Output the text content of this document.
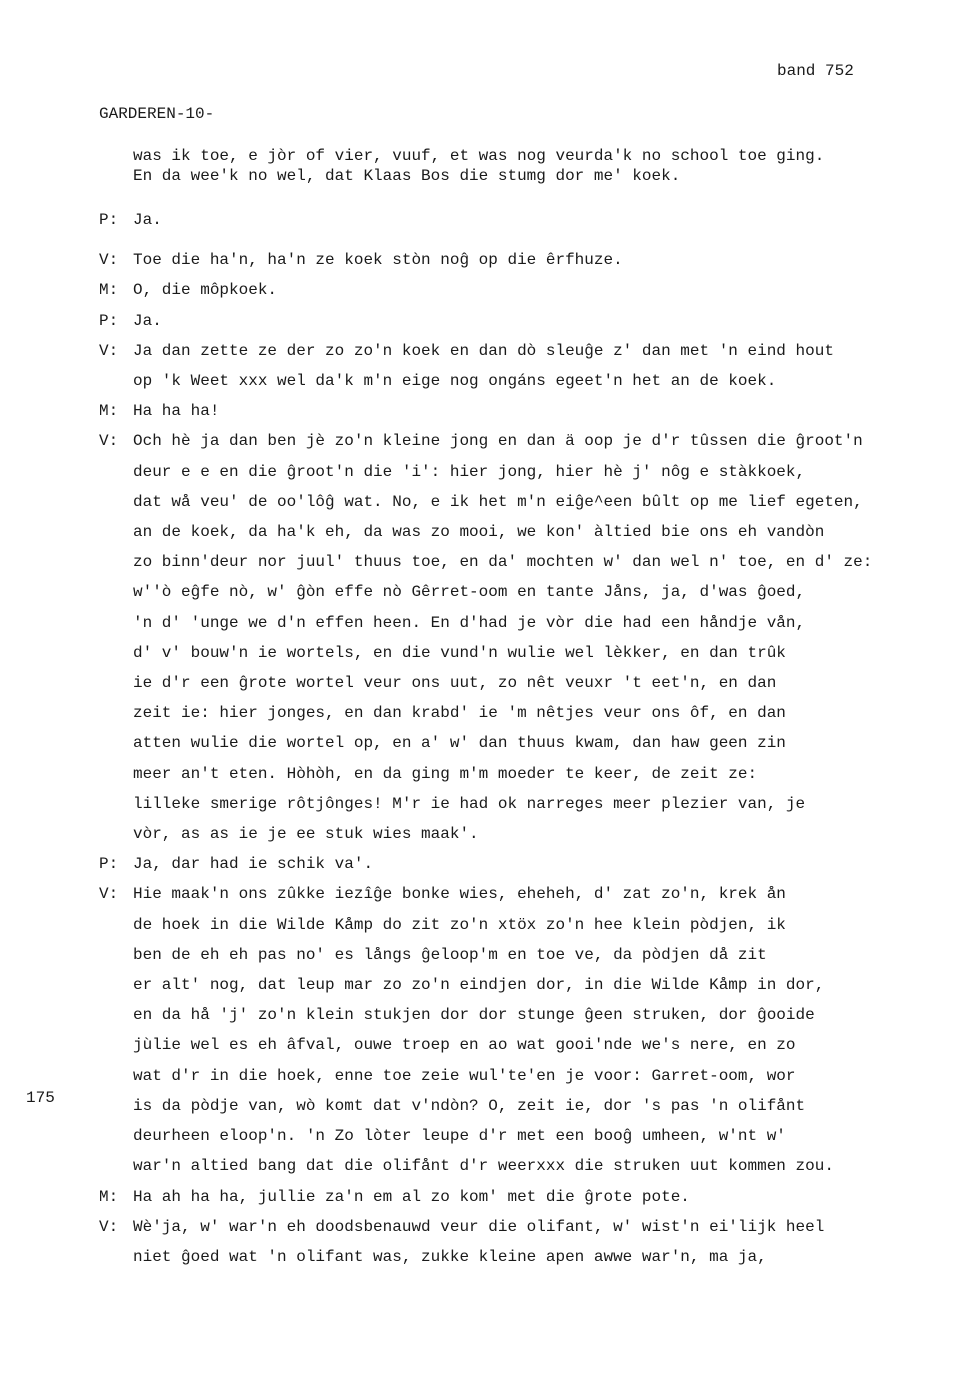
band 752
GARDEREN-10-
was ik toe, e jòr of vier, vuuf, et was nog veurda'k no school toe ging.
En da wee'k no wel, dat Klaas Bos die stumg dor me' koek.
175
P: Ja.
V: Toe die ha'n, ha'n ze koek stòn noĝ op die êrfhuze.
M: O, die môpkoek.
P: Ja.
V: Ja dan zette ze der zo zo'n koek en dan dò sleuĝe z' dan met 'n eind hout
op 'k Weet xxx wel da'k m'n eige nog ongáns egeet'n het an de koek.
M: Ha ha ha!
V: Och hè ja dan ben jè zo'n kleine jong en dan ä oop je d'r tûssen die ĝroot'n
deur e e en die ĝroot'n die 'i': hier jong, hier hè j' nôg e stàkkoek,
dat wå veu' de oo'lôĝ wat. No, e ik het m'n eiĝe^een bûlt op me lief egeten,
an de koek, da ha'k eh, da was zo mooi, we kon' àltied bie ons eh vandòn
zo binn'deur nor juul' thuus toe, en da' mochten w' dan wel n' toe, en d' ze:
w''ò eĝfe nò, w' ĝòn effe nò Gêrret-oom en tante Jåns, ja, d'was ĝoed,
'n d' 'unge we d'n effen heen. En d'had je vòr die had een håndje vån,
d' v' bouw'n ie wortels, en die vund'n wulie wel lèkker, en dan trûk
ie d'r een ĝrote wortel veur ons uut, zo nêt veuxr 't eet'n, en dan
zeit ie: hier jonges, en dan krabd' ie 'm nêtjes veur ons ôf, en dan
atten wulie die wortel op, en a' w' dan thuus kwam, dan haw geen zin
meer an't eten. Hòhòh, en da ging m'm moeder te keer, de zeit ze:
lilleke smerige rôtjônges! M'r ie had ok narreges meer plezier van, je
vòr, as as ie je ee stuk wies maak'.
P: Ja, dar had ie schik va'.
V: Hie maak'n ons zûkke iezîĝe bonke wies, eheheh, d' zat zo'n, krek ån
de hoek in die Wilde Kåmp do zit zo'n xtöx zo'n hee klein pòdjen, ik
ben de eh eh pas no' es långs ĝeloop'm en toe ve, da pòdjen då zit
er alt' nog, dat leup mar zo zo'n eindjen dor, in die Wilde Kåmp in dor,
en da hå 'j' zo'n klein stukjen dor dor stunge ĝeen struken, dor ĝooide
jùlie wel es eh âfval, ouwe troep en ao wat gooi'nde we's nere, en zo
wat d'r in die hoek, enne toe zeie wul'te'en je voor: Garret-oom, wor
is da pòdje van, wò komt dat v'ndòn? O, zeit ie, dor 's pas 'n olifånt
deurheen eloop'n. 'n Zo lòter leupe d'r met een booĝ umheen, w'nt w'
war'n altied bang dat die olifånt d'r weerxxx die struken uut kommen zou.
M: Ha ah ha ha, jullie za'n em al zo kom' met die ĝrote pote.
V: Wè'ja, w' war'n eh doodsbenauwd veur die olifant, w' wist'n ei'lijk heel
niet ĝoed wat 'n olifant was, zukke kleine apen awwe war'n, ma ja,
